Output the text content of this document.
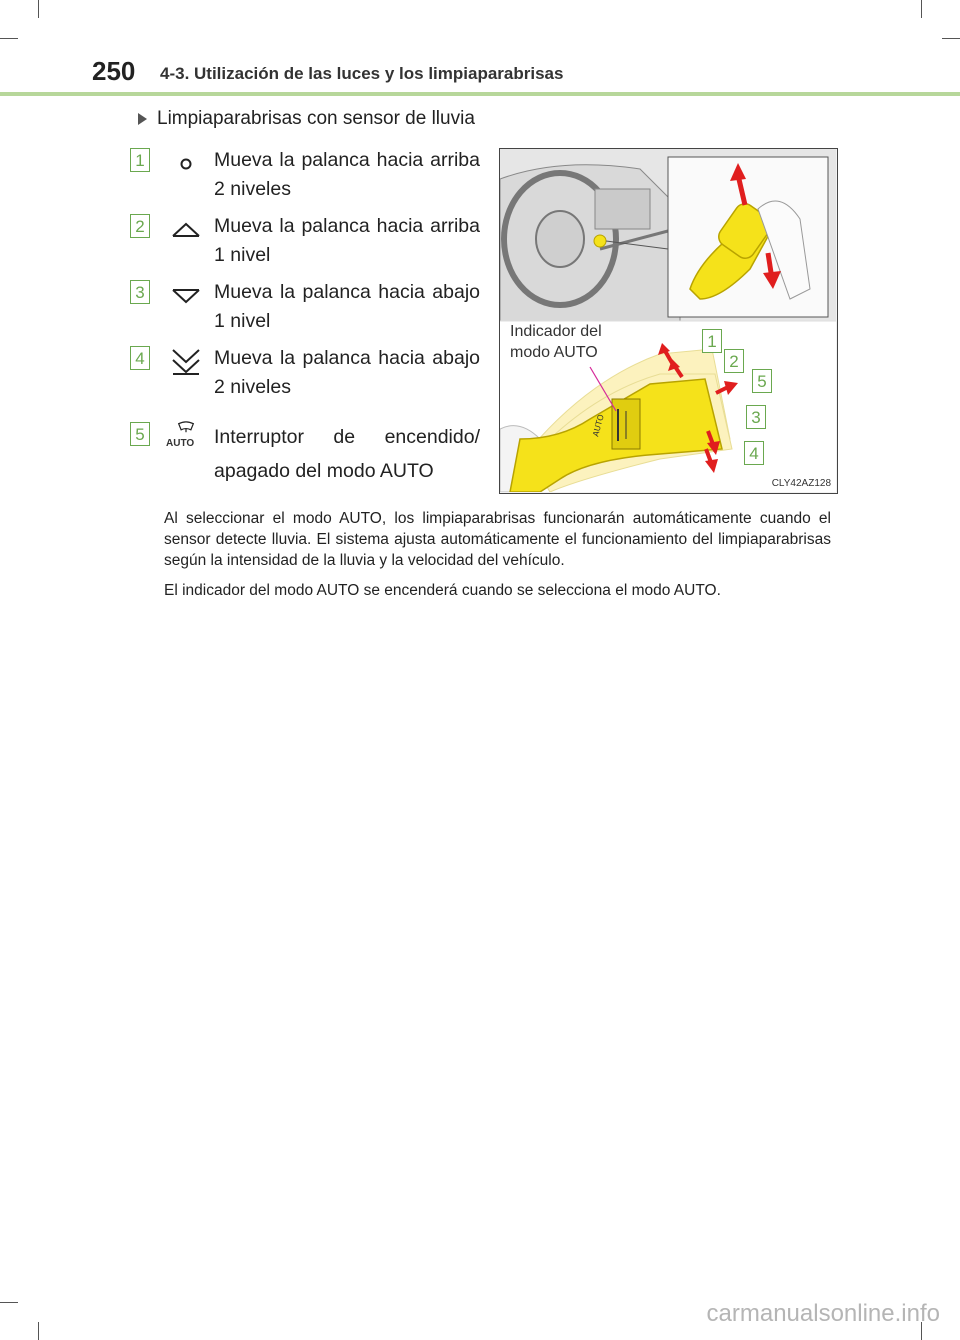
250 4-3. Utilización de las luces y los limpiaparabrisas
Limpiaparabrisas con sensor de lluvia
1	Mueva la palanca hacia arriba 2 niveles
2	Mueva la palanca hacia arriba 1 nivel
3	Mueva la palanca hacia abajo 1 nivel
4	Mueva la palanca hacia abajo 2 niveles
5	AUTO Interruptor de encendido/ apagado del modo AUTO
AUTO
Indicador del
modo AUTO
1
2
5
3
4
CLY42AZ128
Al seleccionar el modo AUTO, los limpiaparabrisas funcionarán automáticamente cuando el sensor detecte lluvia. El sistema ajusta automáticamente el funcionamiento del limpiaparabrisas según la intensidad de la lluvia y la velocidad del vehículo.
El indicador del modo AUTO se encenderá cuando se selecciona el modo AUTO.
carmanualsonline.info
